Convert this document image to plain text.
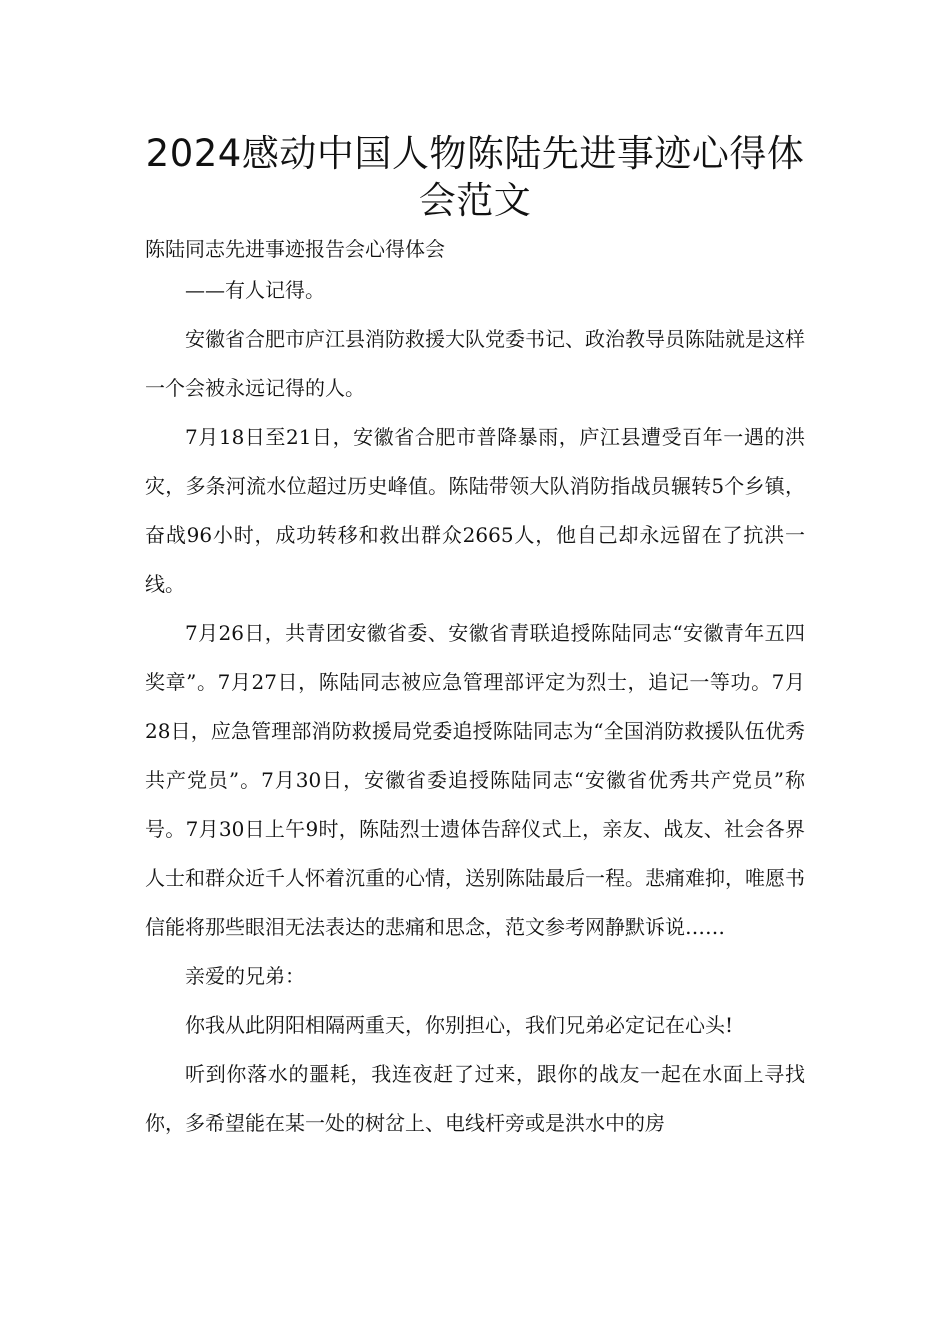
2024感动中国人物陈陆先进事迹心得体会范文

陈陆同志先进事迹报告会心得体会

——有人记得。

安徽省合肥市庐江县消防救援大队党委书记、政治教导员陈陆就是这样一个会被永远记得的人。

7月18日至21日，安徽省合肥市普降暴雨，庐江县遭受百年一遇的洪灾，多条河流水位超过历史峰值。陈陆带领大队消防指战员辗转5个乡镇，奋战96小时，成功转移和救出群众2665人，他自己却永远留在了抗洪一线。

7月26日，共青团安徽省委、安徽省青联追授陈陆同志“安徽青年五四奖章”。7月27日，陈陆同志被应急管理部评定为烈士，追记一等功。7月28日，应急管理部消防救援局党委追授陈陆同志为“全国消防救援队伍优秀共产党员”。7月30日，安徽省委追授陈陆同志“安徽省优秀共产党员”称号。7月30日上午9时，陈陆烈士遗体告辞仪式上，亲友、战友、社会各界人士和群众近千人怀着沉重的心情，送别陈陆最后一程。悲痛难抑，唯愿书信能将那些眼泪无法表达的悲痛和思念，范文参考网静默诉说……

亲爱的兄弟：

你我从此阴阳相隔两重天，你别担心，我们兄弟必定记在心头!

听到你落水的噩耗，我连夜赶了过来，跟你的战友一起在水面上寻找你，多希望能在某一处的树岔上、电线杆旁或是洪水中的房
